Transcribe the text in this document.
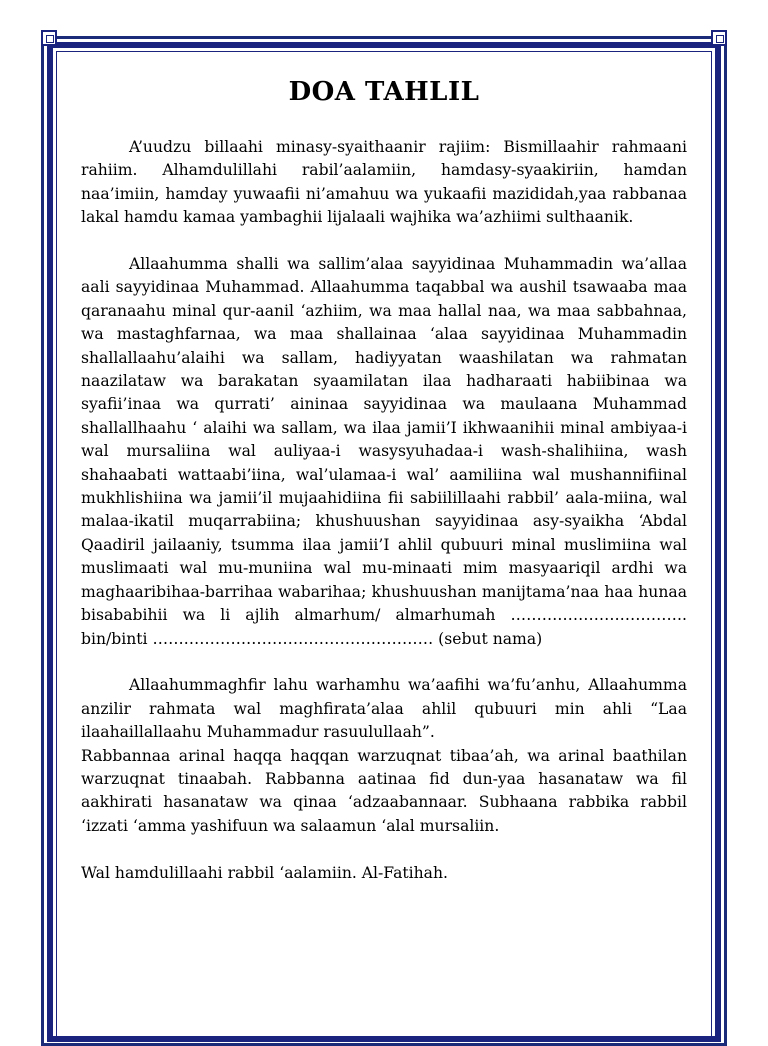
DOA TAHLIL

A’uudzu billaahi minasy-syaithaanir rajiim: Bismillaahir rahmaani rahiim. Alhamdulillahi rabil’aalamiin, hamdasy-syaakiriin, hamdan naa’imiin, hamday yuwaafii ni’amahuu wa yukaafii mazididah,yaa rabbanaa lakal hamdu kamaa yambaghii lijalaali wajhika wa’azhiimi sulthaanik.

Allaahumma shalli wa sallim’alaa sayyidinaa Muhammadin wa’allaa aali sayyidinaa Muhammad. Allaahumma taqabbal wa aushil tsawaaba maa qaranaahu minal qur-aanil ‘azhiim, wa maa hallal naa, wa maa sabbahnaa, wa mastaghfarnaa, wa maa shallainaa ‘alaa sayyidinaa Muhammadin shallallaahu’alaihi wa sallam, hadiyyatan waashilatan wa rahmatan naazilataw wa barakatan syaamilatan ilaa hadharaati habiibinaa wa syafii’inaa wa qurrati’ aininaa sayyidinaa wa maulaana Muhammad shallallhaahu ‘ alaihi wa sallam, wa ilaa jamii’I ikhwaanihii minal ambiyaa-i wal mursaliina wal auliyaa-i wasysyuhadaa-i wash-shalihiina, wash shahaabati wattaabi’iina, wal’ulamaa-i wal’ aamiliina wal mushannifiinal mukhlishiina wa jamii’il mujaahidiina fii sabiilillaahi rabbil’ aala-miina, wal malaa-ikatil muqarrabiina; khushuushan sayyidinaa asy-syaikha ‘Abdal Qaadiril jailaaniy, tsumma ilaa jamii’I ahlil qubuuri minal muslimiina wal muslimaati wal mu-muniina wal mu-minaati mim masyaariqil ardhi wa maghaaribihaa-barrihaa wabarihaa; khushuushan manijtama’naa haa hunaa bisababihii wa li ajlih almarhum/ almarhumah ……………………………. bin/binti ……………………………………………… (sebut nama)

Allaahummaghfir lahu warhamhu wa’aafihi wa’fu’anhu, Allaahumma anzilir rahmata wal maghfirata’alaa ahlil qubuuri min ahli “Laa ilaahaillallaahu Muhammadur rasuulullaah”.

Rabbannaa arinal haqqa haqqan warzuqnat tibaa’ah, wa arinal baathilan warzuqnat tinaabah. Rabbanna aatinaa fid dun-yaa hasanataw wa fil aakhirati hasanataw wa qinaa ‘adzaabannaar. Subhaana rabbika rabbil ‘izzati ‘amma yashifuun wa salaamun ‘alal mursaliin.

Wal hamdulillaahi rabbil ‘aalamiin. Al-Fatihah.
